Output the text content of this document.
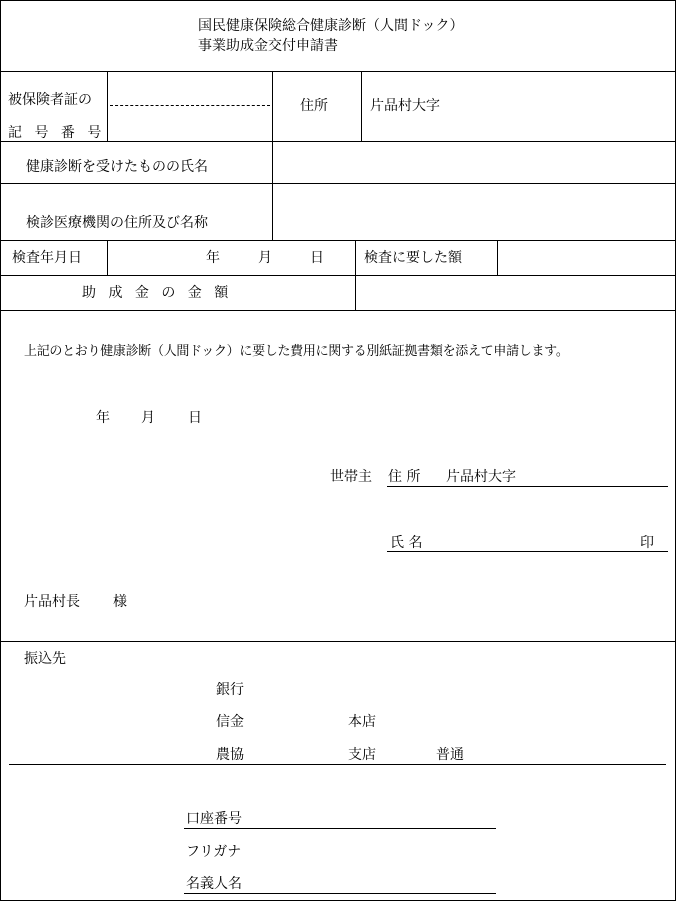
国民健康保険総合健康診断（人間ドック）
事業助成金交付申請書
被保険者証の
記 号 番 号
住所	片品村大字
健康診断を受けたものの氏名
検診医療機関の住所及び名称
検査年月日	年	月	日	検査に要した額
助 成 金 の 金 額
上記のとおり健康診断（人間ドック）に要した費用に関する別紙証拠書類を添えて申請します。
年 月 日
世帯主 住 所 片品村大字
氏 名	印
片品村長 様
振込先
銀行
信金	本店
農協	支店	普通
口座番号
フリガナ
名義人名
